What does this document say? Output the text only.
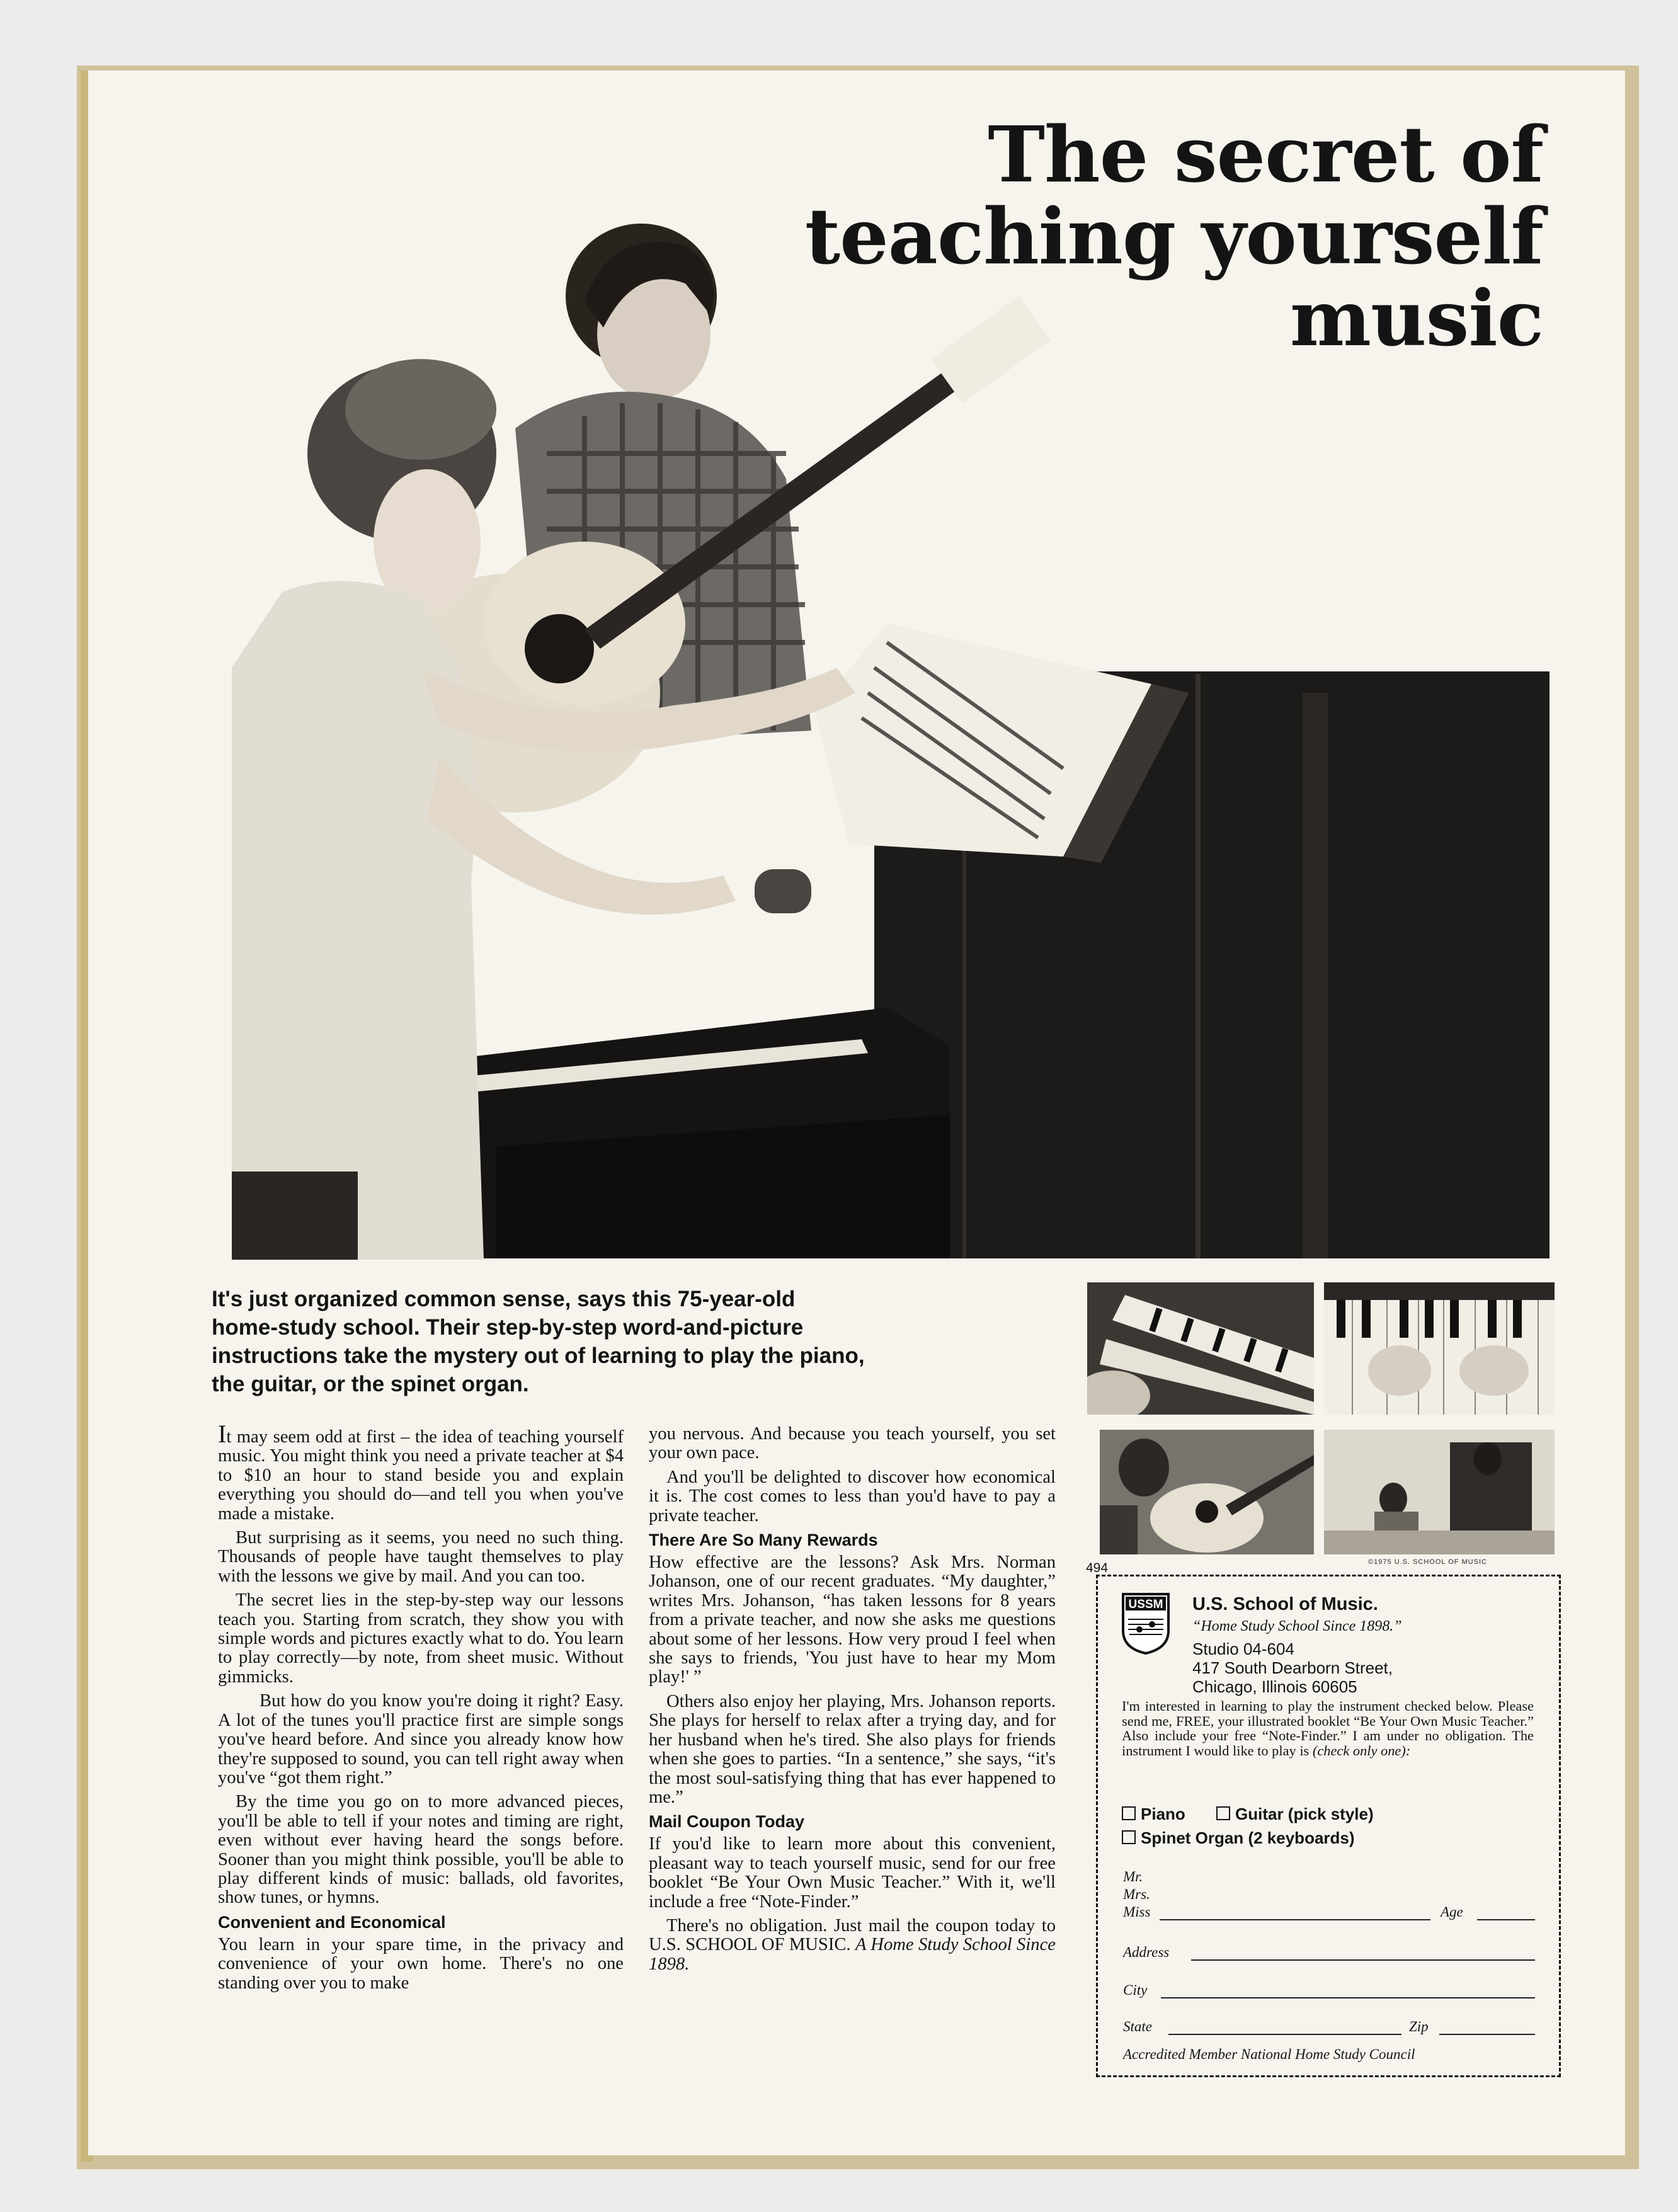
The secret of
teaching yourself
music
It's just organized common sense, says this 75-year-old
home-study school. Their step-by-step word-and-picture
instructions take the mystery out of learning to play the piano,
the guitar, or the spinet organ.

It may seem odd at first – the idea of teaching yourself music. You might think you need a private teacher at $4 to $10 an hour to stand beside you and explain everything you should do—and tell you when you've made a mistake.

But surprising as it seems, you need no such thing. Thousands of people have taught themselves to play with the lessons we give by mail. And you can too.

The secret lies in the step-by-step way our lessons teach you. Starting from scratch, they show you with simple words and pictures exactly what to do. You learn to play correctly—by note, from sheet music. Without gimmicks.

But how do you know you're doing it right? Easy. A lot of the tunes you'll practice first are simple songs you've heard before. And since you already know how they're supposed to sound, you can tell right away when you've “got them right.”

By the time you go on to more advanced pieces, you'll be able to tell if your notes and timing are right, even without ever having heard the songs before. Sooner than you might think possible, you'll be able to play different kinds of music: ballads, old favorites, show tunes, or hymns.

Convenient and Economical

You learn in your spare time, in the privacy and convenience of your own home. There's no one standing over you to make

you nervous. And because you teach yourself, you set your own pace.

And you'll be delighted to discover how economical it is. The cost comes to less than you'd have to pay a private teacher.

There Are So Many Rewards

How effective are the lessons? Ask Mrs. Norman Johanson, one of our recent graduates. “My daughter,” writes Mrs. Johanson, “has taken lessons for 8 years from a private teacher, and now she asks me questions about some of her lessons. How very proud I feel when she says to friends, 'You just have to hear my Mom play!' ”

Others also enjoy her playing, Mrs. Johanson reports. She plays for herself to relax after a trying day, and for her husband when he's tired. She also plays for friends when she goes to parties. “In a sentence,” she says, “it's the most soul-satisfying thing that has ever happened to me.”

Mail Coupon Today

If you'd like to learn more about this convenient, pleasant way to teach yourself music, send for our free booklet “Be Your Own Music Teacher.” With it, we'll include a free “Note-Finder.”

There's no obligation. Just mail the coupon today to U.S. SCHOOL OF MUSIC. A Home Study School Since 1898.

494	©1975 U.S. SCHOOL OF MUSIC
USSM U.S. School of Music.
“Home Study School Since 1898.”
Studio 04-604
417 South Dearborn Street,
Chicago, Illinois 60605
I'm interested in learning to play the instrument checked below. Please send me, FREE, your illustrated booklet “Be Your Own Music Teacher.” Also include your free “Note-Finder.” I am under no obligation. The instrument I would like to play is (check only one):
Piano	Guitar (pick style)
Spinet Organ (2 keyboards)
Mr.
Mrs.
Miss	Age
Address
City
State	Zip
Accredited Member National Home Study Council
